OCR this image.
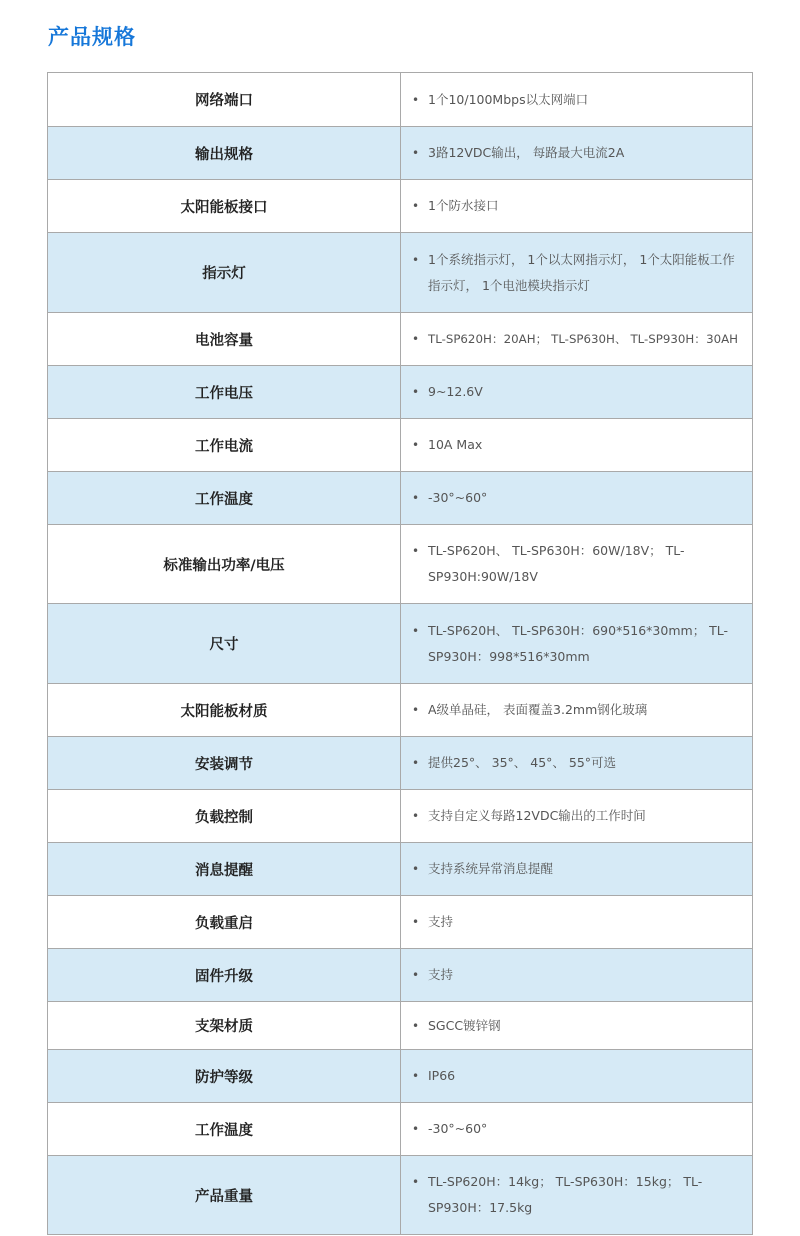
产品规格
网络端口	• 1个10/100Mbps以太网端口

输出规格	• 3路12VDC输出， 每路最大电流2A

太阳能板接口	• 1个防水接口

指示灯	• 1个系统指示灯， 1个以太网指示灯， 1个太阳能板工作指示灯， 1个电池模块指示灯

电池容量	• TL-SP620H：20AH； TL-SP630H、 TL-SP930H：30AH

工作电压	• 9~12.6V

工作电流	• 10A Max

工作温度	• -30°~60°

标准输出功率/电压	• TL-SP620H、 TL-SP630H：60W/18V； TL-SP930H:90W/18V

尺寸	• TL-SP620H、 TL-SP630H：690*516*30mm； TL-SP930H：998*516*30mm

太阳能板材质	• A级单晶硅， 表面覆盖3.2mm钢化玻璃

安装调节	• 提供25°、 35°、 45°、 55°可选

负载控制	• 支持自定义每路12VDC输出的工作时间

消息提醒	• 支持系统异常消息提醒

负载重启	• 支持

固件升级	• 支持

支架材质	• SGCC镀锌钢

防护等级	• IP66

工作温度	• -30°~60°

产品重量	• TL-SP620H：14kg； TL-SP630H：15kg； TL-SP930H：17.5kg
